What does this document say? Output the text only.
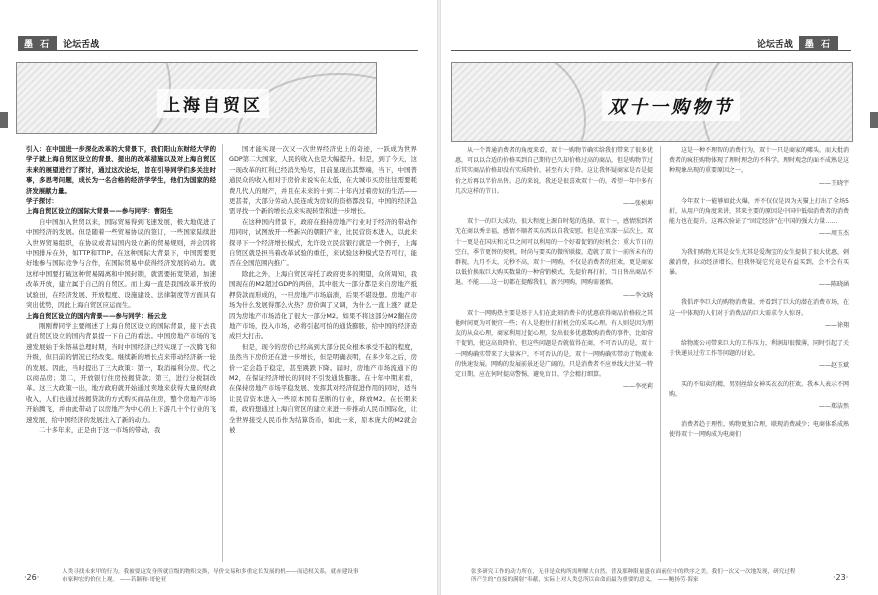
墨 石	论坛舌战
上海自贸区

引入：在中国进一步深化改革的大背景下，我们阳山东财经大学的学子就上海自贸区设立的背景、提出的改革措施以及对上海自贸区未来的展望进行了探讨，通过这次论坛，旨在引导同学们多关注时事，多思考问题，成长为一名合格的经济学学生，他们为国家的经济发展献力量。

学子探讨：

上海自贸区设立的国际大背景——参与同学：曹阳生

自中国加入世贸以来，国际贸易得到飞速发展，极大地促进了中国经济的发展。但是随着一些贸易协议的签订，一些国家陆续进入世界贸易组织，在协议或者局国内设立新的贸易规则，并会因将中国排斥在外，如TTP和TTIP。在这种国际大背景下，中国需要更好地参与国际竞争与合作，在国际贸易中获得经济发展的动力。就这样中国要打破这种贸易隔离和中国封锁，就需要拓宽渠道，加速改革开放，建立属于自己的自贸区。而上海一直是我国改革开放的试验田，在经济发展、开放程度、设施建设、法律制度等方面具有突出优势，因此上海自贸区应运而生。

上海自贸区设立的国内背景——参与同学：杨云龙

刚刚曹同学主要阐述了上海自贸区设立的国际背景，接下去我就自贸区设立的国内背景提一下自己的看法。中国房地产市场的飞速发展始于朱镕基总理时期，当时中国经济已经实现了一次腾飞和升级，但目前的情况已经改变。继续新的增长点来带动经济新一轮的发展。因此，当时提出了三大政策：第一，取消福利分房。代之以商品房；第二，开放银行住房按揭贷款；第三，进行分税制改革。这三大政策一出，地方政府就开始通过卖地来获得大量的财政收入，人们也通过按揭贷款的方式购买商品住房，整个房地产市场开始腾飞，并由此带动了以房地产为中心的上下游几十个行业的飞速发展，给中国经济的发展注入了新的动力。

二十多年来，正是由于这一市场的带动，我

国才能实现一次又一次世界经济史上的奇迹，一跃成为世界GDP第二大国家，人民的收入也是大幅提升。但是，到了今天，这一现改革的红利已经消失殆尽，目前显现出其弊端，当下，中国普通民众的收入相对于房价来说实在太低，在大城市买房往往需要耗费几代人的财产，并且在未来的十到二十年内过着房奴的生活——更甚者，大部分劳动人民连成为房奴的资格都没有，中国的经济急需寻找一个新的增长点来实现转型和进一步增长。

在这种国内背景下，政府在推持房地产行业对于经济的带动作用同时，试图放开一些新兴的朝阳产业，比民营资本进入，以此来探寻下一个经济增长模式，允许设立民营银行就是一个例子，上海自贸区就是担当着改革试验的重任，来试验这种模式是否可行，能否在全国范围内推广。

除此之外，上海自贸区寄托了政府更多的期望，众所周知，我国现在的M2超过GDP的两倍，其中很大一部分都是来自房地产抵押贷款而形成的，一旦房地产市场崩溃，后果不堪设想。房地产市场为什么发展得那么火热？房价调了又调，为什么一直上涨？就是因为房地产市场消化了很大一部分M2。如果不将这部分M2翻在房地产市场，投入市场，必将引起可怕的通货膨胀，给中国的经济造成巨大打击。

但是，现今的房价已经高到大部分民众根本承受不起的程度，虽然当下房价还在进一步增长，但是明确表明，在多少年之后，房价一定会趋于稳定，甚至跳跌下降。届时，房地产市场流通下的M2，在保证经济增长的同时不引发通货膨胀。在十年中期来看，在保持房地产市场平稳发展、发挥其对经济促进作用的同时，适当让民营资本进入一些原本国有垄断的行业，释放M2。在长期来看，政府想通过上海自贸区的建立来进一步推动人民币国际化，让全世界接受人民币作为结算货币，如此一来，原本庞大的M2就会被

人类寻找未来甲的行为，我被要这发身所就宣级的物积交换，导价交易和多重定长发展的机——而适权关系，就赤建设事市家种宏的价位上观。 ——若颖和·哥伦亚
·26·
论坛舌战	墨 石
双十一购物节

从一个普通消费者的角度来看，双十一购物节确实给我们带来了很多优惠，可以以合适的价格买到自己期待已久却价格过高的商品，但是购物节过后其实商品价格却没有实质降价，甚至有大于降。这让我怀疑商家是否是提价之后再以半价出售。总的来说，我还是很喜欢双十一的，希望一年中多有几次这样的节日。

——张桢坤

双十一的巨大成功，很大程度上源自时髦的选择，双十一，感情照到者无在商以秀幸福，感情不顺者买东西以自我安慰。但是在实深一层次上，双十一更是在国庆和元旦之间可以利用的一个好着促销的好机会：重大节日的空白，季节更替的契机，时尚与要买的微所联接，造就了双十一前所未有的群视，九月不太，元秒不高，双十一网购，不仅是消费者的狂欢，更是商家以低价换取巨大购买数量的一种营销模式，先提价再打折，当日售出商品不退。不能……这一切都在提醒我们，新兴网购，网购需谨慎。

——李文晓

双十一网购热主要是基于人们在此刻消费卡的优惠获得商品价格较之其他时间更为可便宜一些；有人是抱住打折机会的采买心理。有人则是因为朋友的从众心理，商家利用过促心理，发出很多优惠数购消费的事件，比如营干促销，使这高贵降价，但这些问题是否就值得在商，不可否认的是，双十一网购确实带来了大量客户，不可否认的是，双十一网购确实带动了物流业的快速发展。网购的发展前景还是广阔的，只是消费者不应单线大注某一特定日期，应在何时提高警惕，避免盲目，学会精打细算。

——李亮莉

这是一种不理智的消费行为，双十一只是商家的噱头。而大批消费者的疯狂购物体现了理时理念的不科学。理时观念的面不成熟是这种现象出现的重要原因之一。

——王晓宇

今年双十一能够如此火爆，并不仅仅是因为天猫上打出了全场5折，从用户的角度来讲，其来主要的原因是中国中低端消费者的消费能力也在提升，这再次验证了“固定经济”在中国的强大力量……

——周玉杰

为我们购物尤其是女生尤其是爱淘宝的女生提供了很大优惠，刺激消费，拉动经济增长，但我怀疑它究竟是有益买到，会不会有买暴。

——陈晓涵

我倡评李巨大的购物消费量，并看到了巨大的潜在消费市场，在这一中体现的人们对于消费品的巨大需求令人惊讶。

——徐翔

给物流公司带来巨大的工作压力，利润却很微薄，同时引起了关于快递员过劳工作等问题的讨论。

——赵玉斌

买的不知卖的精，男别丝给女神买衣衣的狂欢。我本人表示不网购。

——郑洁然

消费者趋于理性，购物更加合理，联现消费减少；电商体系成熟使得双十一网购成为电商们

张多研究工作的动力所在，无非是众构所需理解大自然，普及那种限量盛在面前位中的秩序之美，我们一次又一次地发现，研究过程所产生的“直接的满射”奉献，实际上对人类总所以由命而最为重要的意义。 ——鲍扬劳·海家	·23·
